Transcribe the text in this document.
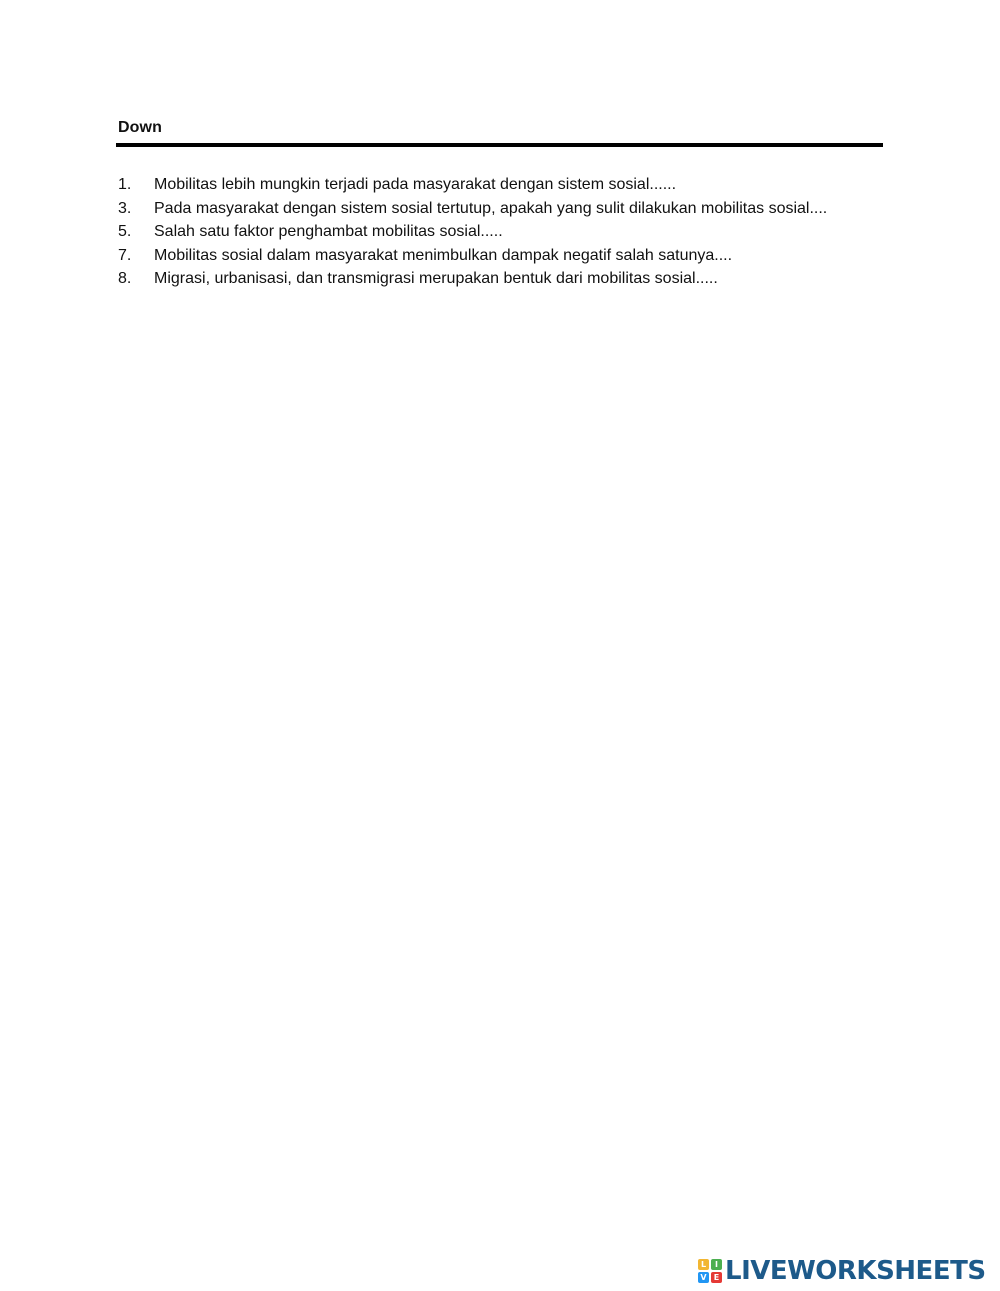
Down
1.	Mobilitas lebih mungkin terjadi pada masyarakat dengan sistem sosial......
3.	Pada masyarakat dengan sistem sosial tertutup, apakah yang sulit dilakukan mobilitas sosial....
5.	Salah satu faktor penghambat mobilitas sosial.....
7.	Mobilitas sosial dalam masyarakat menimbulkan dampak negatif salah satunya....
8.	Migrasi, urbanisasi, dan transmigrasi merupakan bentuk dari mobilitas sosial.....
L	I
V E LIVEWORKSHEETS
